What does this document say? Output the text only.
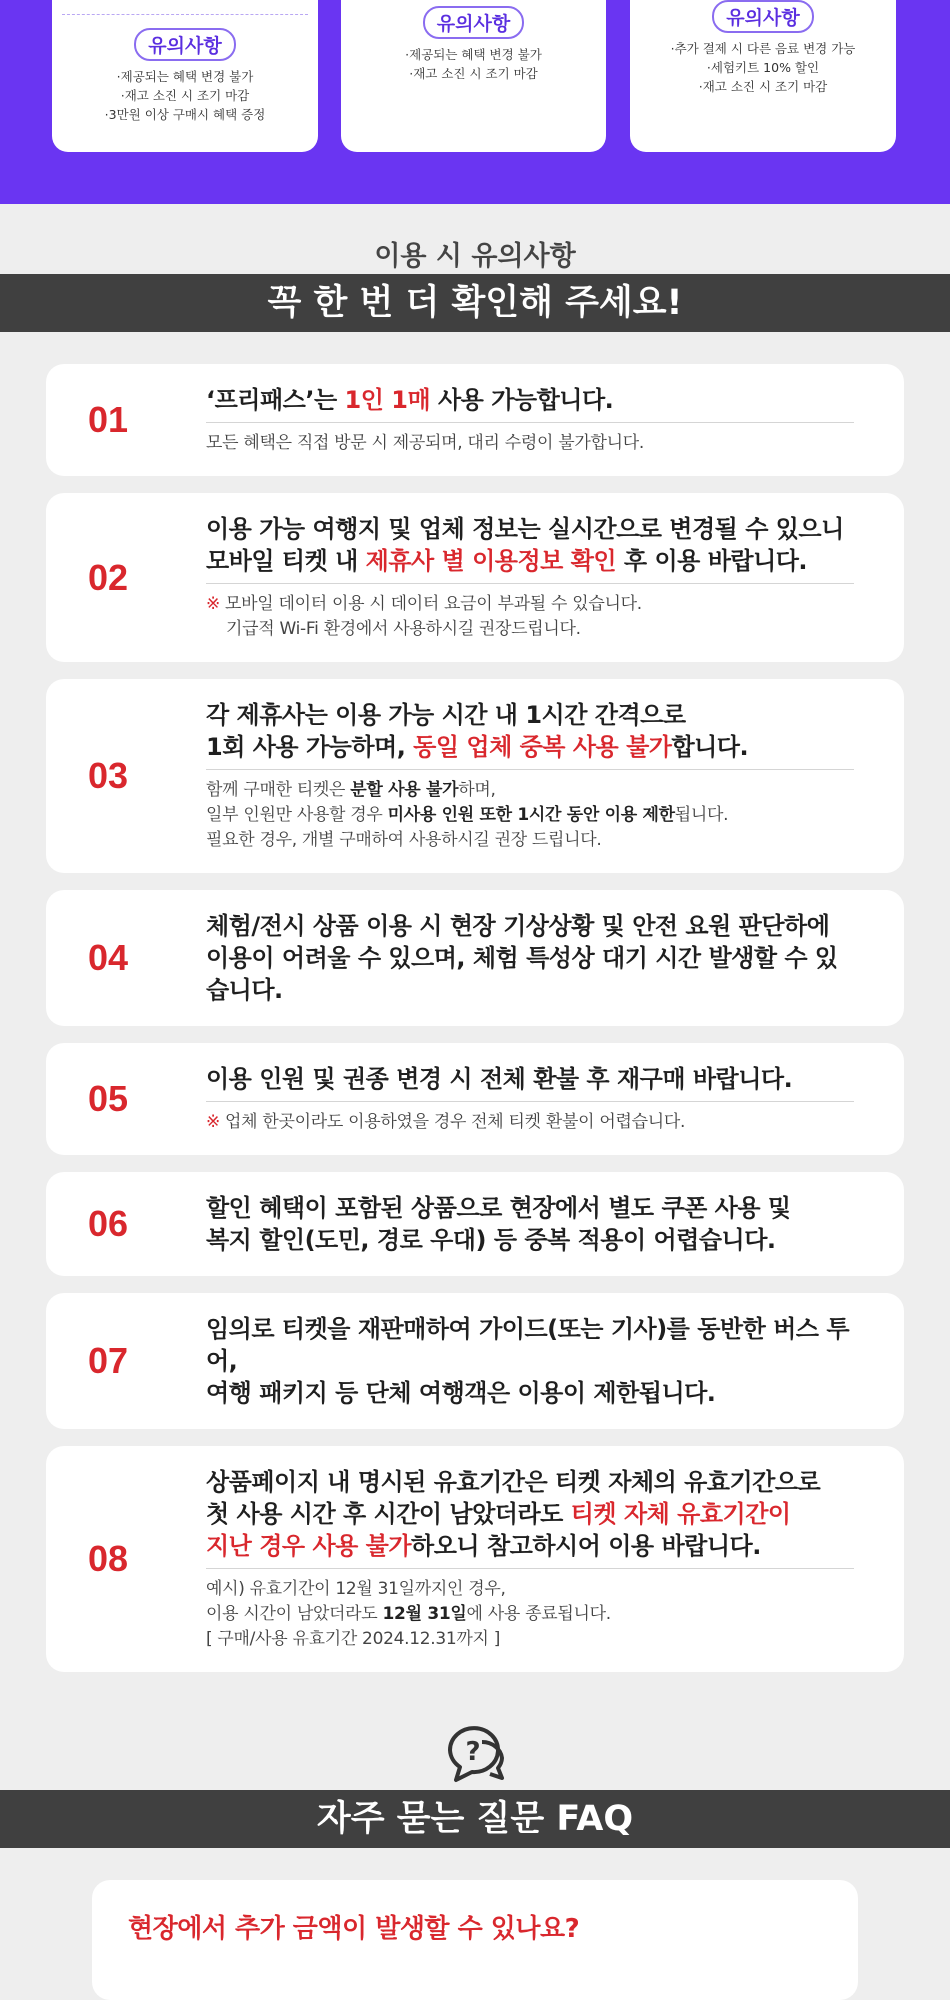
유의사항
·제공되는 혜택 변경 불가
·재고 소진 시 조기 마감
·3만원 이상 구매시 혜택 증정
유의사항
·제공되는 혜택 변경 불가
·재고 소진 시 조기 마감
유의사항
·추가 결제 시 다른 음료 변경 가능
·세험키트 10% 할인
·재고 소진 시 조기 마감
이용 시 유의사항
꼭 한 번 더 확인해 주세요!
01	‘프리패스’는 1인 1매 사용 가능합니다.
모든 혜택은 직접 방문 시 제공되며, 대리 수령이 불가합니다.
02
이용 가능 여행지 및 업체 정보는 실시간으로 변경될 수 있으니
모바일 티켓 내 제휴사 별 이용정보 확인 후 이용 바랍니다.
※ 모바일 데이터 이용 시 데이터 요금이 부과될 수 있습니다.
기급적 Wi-Fi 환경에서 사용하시길 권장드립니다.
03
각 제휴사는 이용 가능 시간 내 1시간 간격으로
1회 사용 가능하며, 동일 업체 중복 사용 불가합니다.
함께 구매한 티켓은 분할 사용 불가하며,
일부 인원만 사용할 경우 미사용 인원 또한 1시간 동안 이용 제한됩니다.
필요한 경우, 개별 구매하여 사용하시길 권장 드립니다.
04
체험/전시 상품 이용 시 현장 기상상황 및 안전 요원 판단하에
이용이 어려울 수 있으며, 체험 특성상 대기 시간 발생할 수 있습니다.
05	이용 인원 및 권종 변경 시 전체 환불 후 재구매 바랍니다.
※ 업체 한곳이라도 이용하였을 경우 전체 티켓 환불이 어렵습니다.
06	할인 혜택이 포함된 상품으로 현장에서 별도 쿠폰 사용 및
복지 할인(도민, 경로 우대) 등 중복 적용이 어렵습니다.
07
임의로 티켓을 재판매하여 가이드(또는 기사)를 동반한 버스 투어,
여행 패키지 등 단체 여행객은 이용이 제한됩니다.
08
상품페이지 내 명시된 유효기간은 티켓 자체의 유효기간으로
첫 사용 시간 후 시간이 남았더라도 티켓 자체 유효기간이
지난 경우 사용 불가하오니 참고하시어 이용 바랍니다.
예시) 유효기간이 12월 31일까지인 경우,
이용 시간이 남았더라도 12월 31일에 사용 종료됩니다.
[ 구매/사용 유효기간 2024.12.31까지 ]
?
자주 묻는 질문 FAQ
현장에서 추가 금액이 발생할 수 있나요?
